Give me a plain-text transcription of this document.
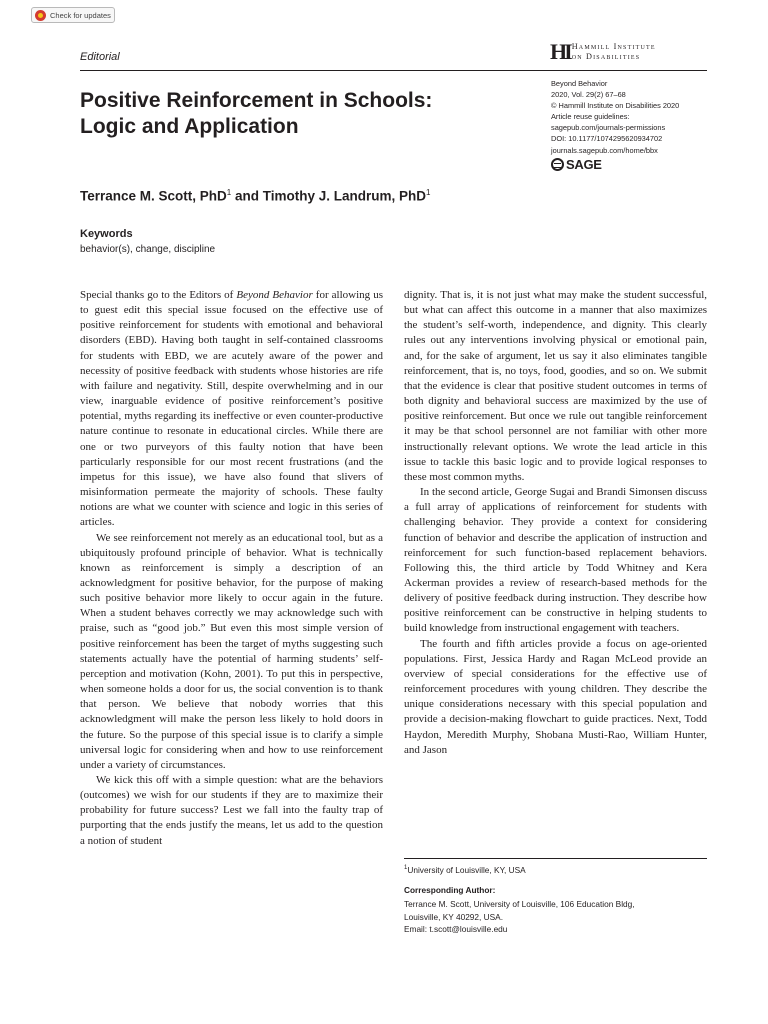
Check for updates
Editorial	HI Hammill Institute
on Disabilities
Beyond Behavior
2020, Vol. 29(2) 67–68
© Hammill Institute on Disabilities 2020
Article reuse guidelines:
sagepub.com/journals-permissions
DOI: 10.1177/1074295620934702
journals.sagepub.com/home/bbx
SAGE
Positive Reinforcement in Schools:
Logic and Application

Terrance M. Scott, PhD$^1$ and Timothy J. Landrum, PhD$^1$

Keywords
behavior(s), change, discipline

Special thanks go to the Editors of Beyond Behavior for allowing us to guest edit this special issue focused on the effective use of positive reinforcement for students with emotional and behavioral disorders (EBD). Having both taught in self-contained classrooms for students with EBD, we are acutely aware of the power and necessity of positive feedback with students whose histories are rife with failure and negativity. Still, despite overwhelming and in our view, inarguable evidence of positive reinforcement’s positive potential, myths regarding its ineffective or even counter-productive nature continue to resonate in educational circles. While there are one or two purveyors of this faulty notion that have been particularly responsible for our most recent frustrations (and the impetus for this issue), we have also found that slivers of misinformation permeate the majority of schools. These faulty notions are what we counter with science and logic in this series of articles.

We see reinforcement not merely as an educational tool, but as a ubiquitously profound principle of behavior. What is technically known as reinforcement is simply a description of an acknowledgment for positive behavior, for the purpose of making such positive behavior more likely to occur again in the future. When a student behaves correctly we may acknowledge such with praise, such as “good job.” But even this most simple version of positive reinforcement has been the target of myths suggesting such statements actually have the potential of harming students’ self-perception and motivation (Kohn, 2001). To put this in perspective, when someone holds a door for us, the social convention is to thank that person. We believe that nobody worries that this acknowledgment will make the person less likely to hold doors in the future. So the purpose of this special issue is to clarify a simple universal logic for considering when and how to use reinforcement under a variety of circumstances.

We kick this off with a simple question: what are the behaviors (outcomes) we wish for our students if they are to maximize their probability for future success? Lest we fall into the faulty trap of purporting that the ends justify the means, let us add to the question a notion of student

dignity. That is, it is not just what may make the student successful, but what can affect this outcome in a manner that also maximizes the student’s self-worth, independence, and dignity. This clearly rules out any interventions involving physical or emotional pain, and, for the sake of argument, let us say it also eliminates tangible reinforcement, that is, no toys, food, goodies, and so on. We submit that the evidence is clear that positive student outcomes in terms of both dignity and behavioral success are maximized by the use of positive reinforcement. But once we rule out tangible reinforcement it may be that school personnel are not familiar with other more instructionally relevant options. We wrote the lead article in this issue to tackle this basic logic and to provide logical responses to these most common myths.

In the second article, George Sugai and Brandi Simonsen discuss a full array of applications of reinforcement for students with challenging behavior. They provide a context for considering function of behavior and describe the application of instruction and reinforcement for such function-based replacement behaviors. Following this, the third article by Todd Whitney and Kera Ackerman provides a review of research-based methods for the delivery of positive feedback during instruction. They describe how positive reinforcement can be constructive in helping students to build knowledge from instructional engagement with teachers.

The fourth and fifth articles provide a focus on age-oriented populations. First, Jessica Hardy and Ragan McLeod provide an overview of special considerations for the effective use of reinforcement procedures with young children. They describe the unique considerations necessary with this special population and provide a decision-making flowchart to guide practices. Next, Todd Haydon, Meredith Murphy, Shobana Musti-Rao, William Hunter, and Jason

$^1$University of Louisville, KY, USA
Corresponding Author:
Terrance M. Scott, University of Louisville, 106 Education Bldg,
Louisville, KY 40292, USA.
Email: t.scott@louisville.edu
